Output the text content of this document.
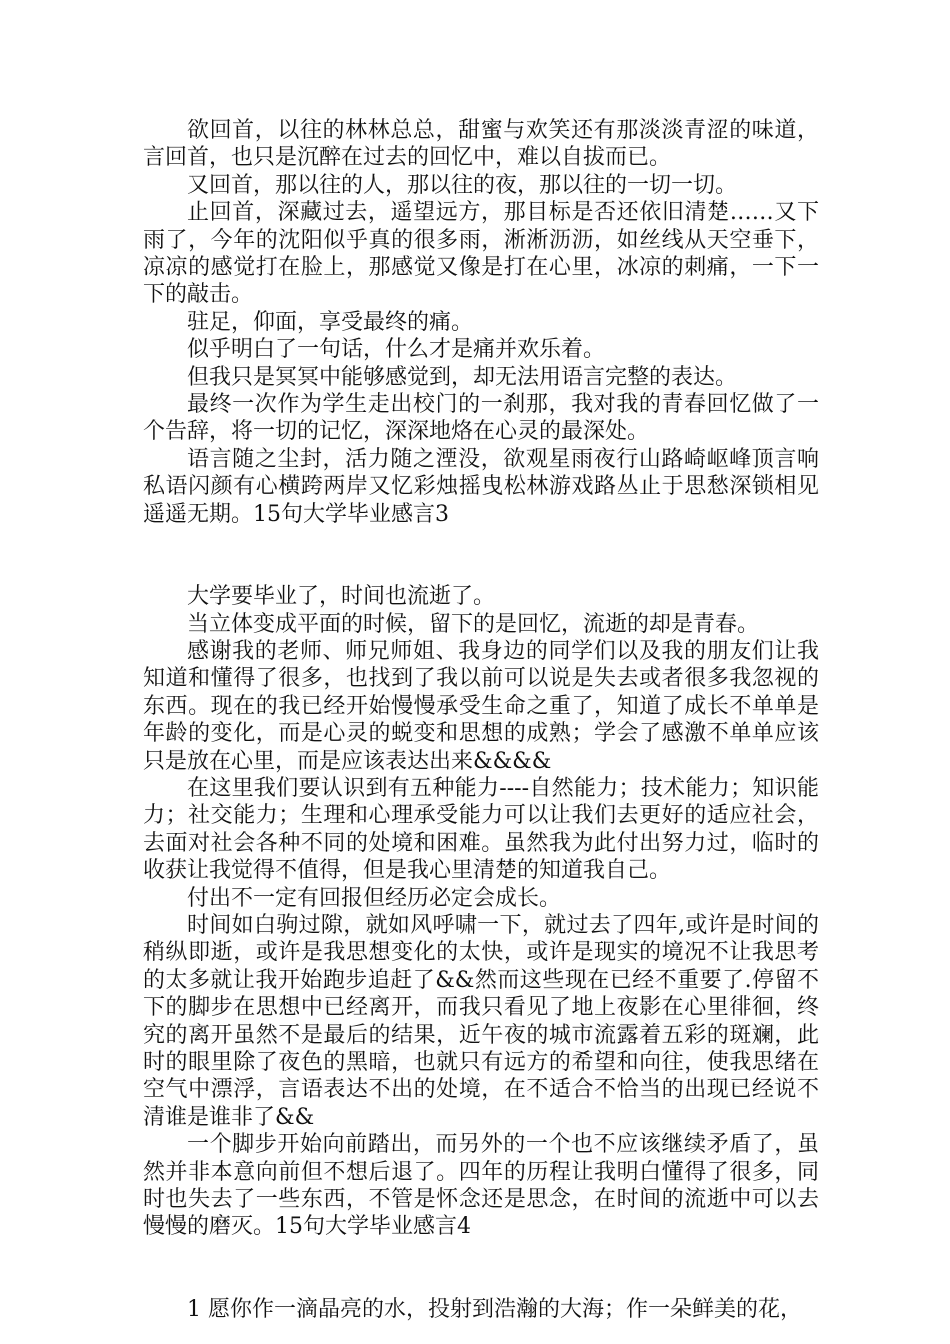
欲回首，以往的林林总总，甜蜜与欢笑还有那淡淡青涩的味道，言回首，也只是沉醉在过去的回忆中，难以自拔而已。

又回首，那以往的人，那以往的夜，那以往的一切一切。

止回首，深藏过去，遥望远方，那目标是否还依旧清楚……又下雨了，今年的沈阳似乎真的很多雨，淅淅沥沥，如丝线从天空垂下，凉凉的感觉打在脸上，那感觉又像是打在心里，冰凉的刺痛，一下一下的敲击。

驻足，仰面，享受最终的痛。

似乎明白了一句话，什么才是痛并欢乐着。

但我只是冥冥中能够感觉到，却无法用语言完整的表达。

最终一次作为学生走出校门的一刹那，我对我的青春回忆做了一个告辞，将一切的记忆，深深地烙在心灵的最深处。

语言随之尘封，活力随之湮没，欲观星雨夜行山路崎岖峰顶言响私语闪颜有心横跨两岸又忆彩烛摇曳松林游戏路丛止于思愁深锁相见遥遥无期。15句大学毕业感言3

大学要毕业了，时间也流逝了。

当立体变成平面的时候，留下的是回忆，流逝的却是青春。

感谢我的老师、师兄师姐、我身边的同学们以及我的朋友们让我知道和懂得了很多，也找到了我以前可以说是失去或者很多我忽视的东西。现在的我已经开始慢慢承受生命之重了，知道了成长不单单是年龄的变化，而是心灵的蜕变和思想的成熟；学会了感激不单单应该只是放在心里，而是应该表达出来&&&&

在这里我们要认识到有五种能力----自然能力；技术能力；知识能力；社交能力；生理和心理承受能力可以让我们去更好的适应社会，去面对社会各种不同的处境和困难。虽然我为此付出努力过，临时的收获让我觉得不值得，但是我心里清楚的知道我自己。

付出不一定有回报但经历必定会成长。

时间如白驹过隙，就如风呼啸一下，就过去了四年,或许是时间的稍纵即逝，或许是我思想变化的太快，或许是现实的境况不让我思考的太多就让我开始跑步追赶了&&然而这些现在已经不重要了.停留不下的脚步在思想中已经离开，而我只看见了地上夜影在心里徘徊，终究的离开虽然不是最后的结果，近午夜的城市流露着五彩的斑斓，此时的眼里除了夜色的黑暗，也就只有远方的希望和向往，使我思绪在空气中漂浮，言语表达不出的处境，在不适合不恰当的出现已经说不清谁是谁非了&&

一个脚步开始向前踏出，而另外的一个也不应该继续矛盾了，虽然并非本意向前但不想后退了。四年的历程让我明白懂得了很多，同时也失去了一些东西，不管是怀念还是思念，在时间的流逝中可以去慢慢的磨灭。15句大学毕业感言4

1 愿你作一滴晶亮的水，投射到浩瀚的大海；作一朵鲜美的花，
